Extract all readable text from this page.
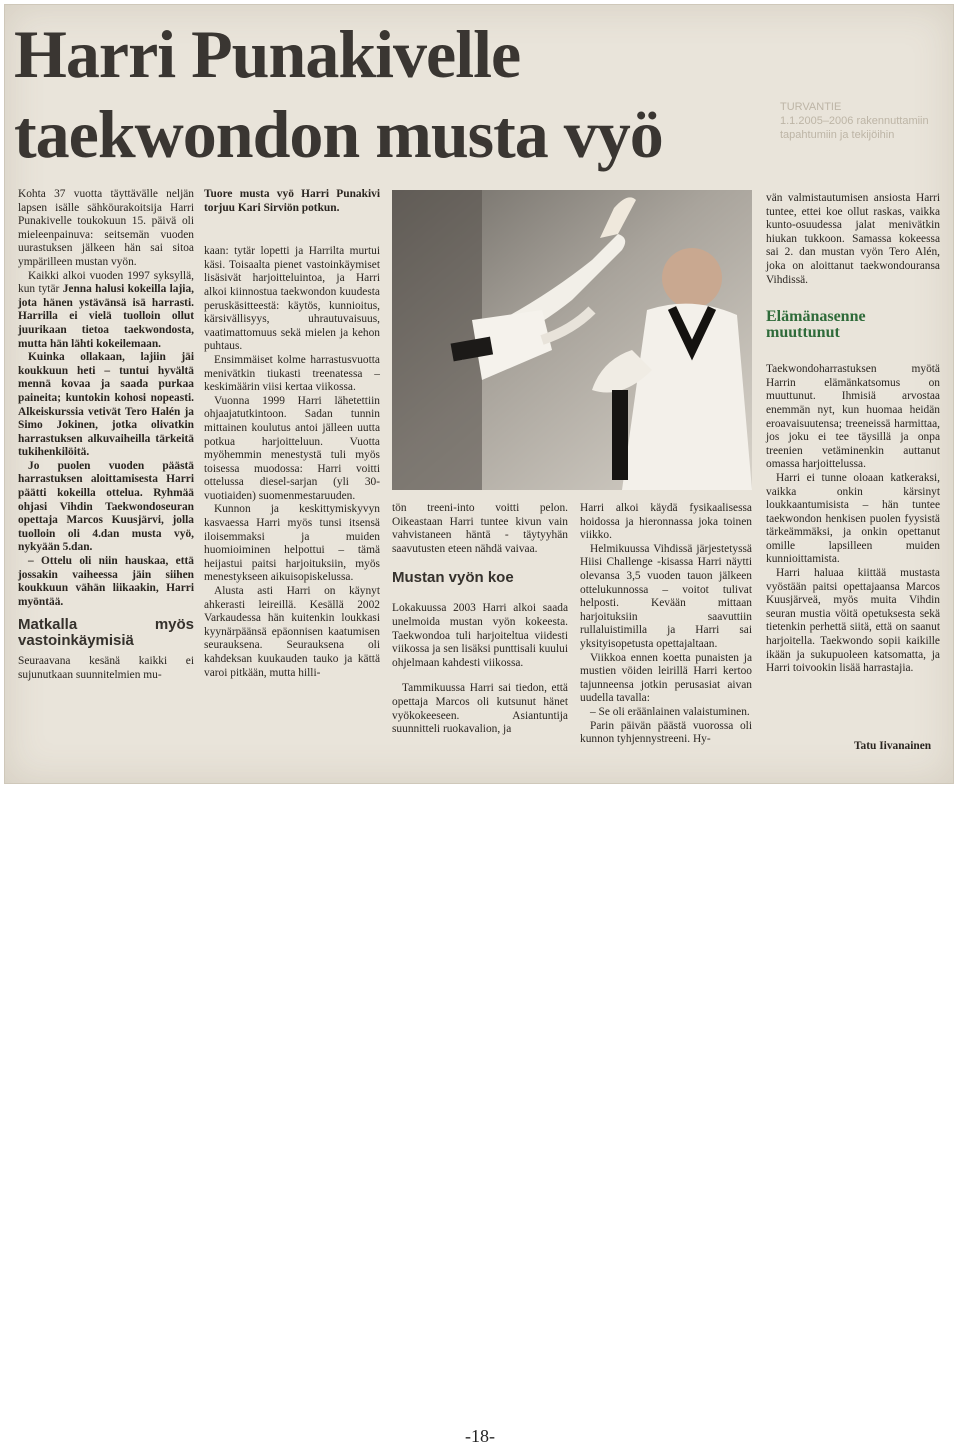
Harri Punakivelle
taekwondon musta vyö	TURVANTIE
1.1.2005–2006 rakennuttamiin
tapahtumiin ja tekijöihin

Kohta 37 vuotta täyttävälle neljän lapsen isälle sähköurakoitsija Harri Punakivelle toukokuun 15. päivä oli mieleenpainuva: seitsemän vuoden uurastuksen jälkeen hän sai sitoa ympärilleen mustan vyön.

Kaikki alkoi vuoden 1997 syksyllä, kun tytär Jenna halusi kokeilla lajia, jota hänen ystävänsä isä harrasti. Harrilla ei vielä tuolloin ollut juurikaan tietoa taekwondosta, mutta hän lähti kokeilemaan.

Kuinka ollakaan, lajiin jäi koukkuun heti – tuntui hyvältä mennä kovaa ja saada purkaa paineita; kuntokin kohosi nopeasti. Alkeiskurssia vetivät Tero Halén ja Simo Jokinen, jotka olivatkin harrastuksen alkuvaiheilla tärkeitä tukihenkilöitä.

Jo puolen vuoden päästä harrastuksen aloittamisesta Harri päätti kokeilla ottelua. Ryhmää ohjasi Vihdin Taekwondoseuran opettaja Marcos Kuusjärvi, jolla tuolloin oli 4.dan musta vyö, nykyään 5.dan.

– Ottelu oli niin hauskaa, että jossakin vaiheessa jäin siihen koukkuun vähän liikaakin, Harri myöntää.

Matkalla myös vastoinkäymisiä

Seuraavana kesänä kaikki ei sujunutkaan suunnitelmien mu-

Tuore musta vyö Harri Punakivi torjuu Kari Sirviön potkun.

kaan: tytär lopetti ja Harrilta murtui käsi. Toisaalta pienet vastoinkäymiset lisäsivät harjoitteluintoa, ja Harri alkoi kiinnostua taekwondon kuudesta peruskäsitteestä: käytös, kunnioitus, kärsivällisyys, uhrautuvaisuus, vaatimattomuus sekä mielen ja kehon puhtaus.

Ensimmäiset kolme harrastusvuotta menivätkin tiukasti treenatessa – keskimäärin viisi kertaa viikossa.

Vuonna 1999 Harri lähetettiin ohjaajatutkintoon. Sadan tunnin mittainen koulutus antoi jälleen uutta potkua harjoitteluun. Vuotta myöhemmin menestystä tuli myös toisessa muodossa: Harri voitti ottelussa diesel-sarjan (yli 30-vuotiaiden) suomenmestaruuden.

Kunnon ja keskittymiskyvyn kasvaessa Harri myös tunsi itsensä iloisemmaksi ja muiden huomioiminen helpottui – tämä heijastui paitsi harjoituksiin, myös menestykseen aikuisopiskelussa.

Alusta asti Harri on käynyt ahkerasti leireillä. Kesällä 2002 Varkaudessa hän kuitenkin loukkasi kyynärpäänsä epäonnisen kaatumisen seurauksena. Seurauksena oli kahdeksan kuukauden tauko ja kättä varoi pitkään, mutta hilli-

tön treeni-into voitti pelon. Oikeastaan Harri tuntee kivun vain vahvistaneen häntä - täytyyhän saavutusten eteen nähdä vaivaa.

Mustan vyön koe

Lokakuussa 2003 Harri alkoi saada unelmoida mustan vyön kokeesta. Taekwondoa tuli harjoiteltua viidesti viikossa ja sen lisäksi punttisali kuului ohjelmaan kahdesti viikossa.

Tammikuussa Harri sai tiedon, että opettaja Marcos oli kutsunut hänet vyökokeeseen. Asiantuntija suunnitteli ruokavalion, ja

Harri alkoi käydä fysikaalisessa hoidossa ja hieronnassa joka toinen viikko.

Helmikuussa Vihdissä järjestetyssä Hiisi Challenge -kisassa Harri näytti olevansa 3,5 vuoden tauon jälkeen ottelukunnossa – voitot tulivat helposti. Kevään mittaan harjoituksiin saavuttiin rullaluistimilla ja Harri sai yksityisopetusta opettajaltaan.

Viikkoa ennen koetta punaisten ja mustien vöiden leirillä Harri kertoo tajunneensa jotkin perusasiat aivan uudella tavalla:

– Se oli eräänlainen valaistuminen.

Parin päivän päästä vuorossa oli kunnon tyhjennystreeni. Hy-

vän valmistautumisen ansiosta Harri tuntee, ettei koe ollut raskas, vaikka kunto-osuudessa jalat menivätkin hiukan tukkoon. Samassa kokeessa sai 2. dan mustan vyön Tero Alén, joka on aloittanut taekwondouransa Vihdissä.

Elämänasenne muuttunut

Taekwondoharrastuksen myötä Harrin elämänkatsomus on muuttunut. Ihmisiä arvostaa enemmän nyt, kun huomaa heidän eroavaisuutensa; treeneissä harmittaa, jos joku ei tee täysillä ja onpa treenien vetäminenkin auttanut omassa harjoittelussa.

Harri ei tunne oloaan katkeraksi, vaikka onkin kärsinyt loukkaantumisista – hän tuntee taekwondon henkisen puolen fyysistä tärkeämmäksi, ja onkin opettanut omille lapsilleen muiden kunnioittamista.

Harri haluaa kiittää mustasta vyöstään paitsi opettajaansa Marcos Kuusjärveä, myös muita Vihdin seuran mustia vöitä opetuksesta sekä tietenkin perhettä siitä, että on saanut harjoitella. Taekwondo sopii kaikille ikään ja sukupuoleen katsomatta, ja Harri toivookin lisää harrastajia.

Tatu Iivanainen
-18-
